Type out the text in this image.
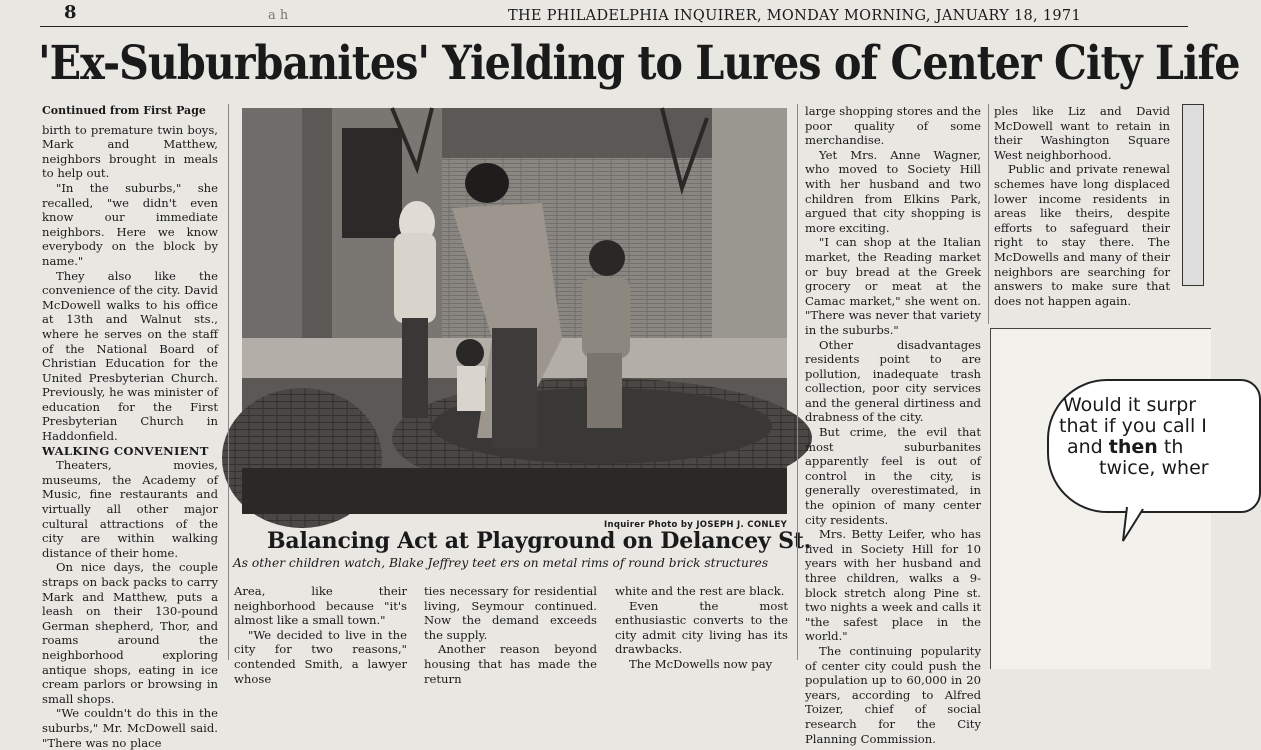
8	a h	THE PHILADELPHIA INQUIRER, MONDAY MORNING, JANUARY 18, 1971
'Ex-Suburbanites' Yielding to Lures of Center City Life

Continued from First Page

birth to premature twin boys, Mark and Matthew, neighbors brought in meals to help out.

"In the suburbs," she recalled, "we didn't even know our immediate neighbors. Here we know everybody on the block by name."

They also like the convenience of the city. David McDowell walks to his office at 13th and Walnut sts., where he serves on the staff of the National Board of Christian Education for the United Presbyterian Church. Previously, he was minister of education for the First Presbyterian Church in Haddonfield.

WALKING CONVENIENT

Theaters, movies, museums, the Academy of Music, fine restaurants and virtually all other major cultural attractions of the city are within walking distance of their home.

On nice days, the couple straps on back packs to carry Mark and Matthew, puts a leash on their 130-pound German shepherd, Thor, and roams around the neighborhood exploring antique shops, eating in ice cream parlors or browsing in small shops.

"We couldn't do this in the suburbs," Mr. McDowell said. "There was no place

Inquirer Photo by JOSEPH J. CONLEY
Balancing Act at Playground on Delancey St.
As other children watch, Blake Jeffrey teet ers on metal rims of round brick structures

Area, like their neighborhood because "it's almost like a small town."

"We decided to live in the city for two reasons," contended Smith, a lawyer whose

ties necessary for residential living, Seymour continued. Now the demand exceeds the supply.

Another reason beyond housing that has made the return

white and the rest are black.

Even the most enthusiastic converts to the city admit city living has its drawbacks.

The McDowells now pay

large shopping stores and the poor quality of some merchandise.

Yet Mrs. Anne Wagner, who moved to Society Hill with her husband and two children from Elkins Park, argued that city shopping is more exciting.

"I can shop at the Italian market, the Reading market or buy bread at the Greek grocery or meat at the Camac market," she went on. "There was never that variety in the suburbs."

Other disadvantages residents point to are pollution, inadequate trash collection, poor city services and the general dirtiness and drabness of the city.

But crime, the evil that most suburbanites apparently feel is out of control in the city, is generally overestimated, in the opinion of many center city residents.

Mrs. Betty Leifer, who has lived in Society Hill for 10 years with her husband and three children, walks a 9-block stretch along Pine st. two nights a week and calls it "the safest place in the world."

The continuing popularity of center city could push the population up to 60,000 in 20 years, according to Alfred Toizer, chief of social research for the City Planning Commission.

ples like Liz and David McDowell want to retain in their Washington Square West neighborhood.

Public and private renewal schemes have long displaced lower income residents in areas like theirs, despite efforts to safeguard their right to stay there. The McDowells and many of their neighbors are searching for answers to make sure that does not happen again.

Would it surpr
that if you call I
and then th
twice, wher
